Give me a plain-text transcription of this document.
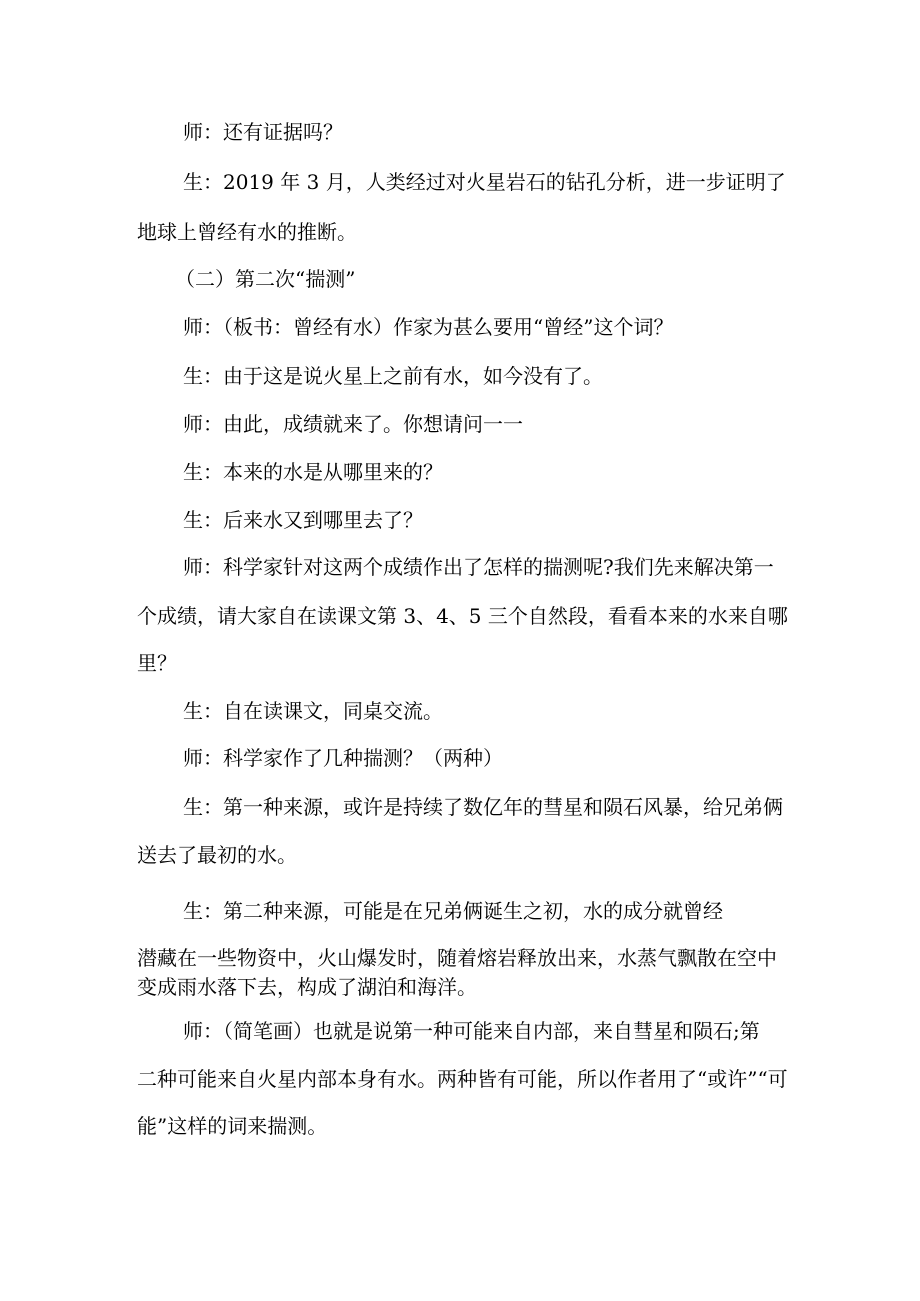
师：还有证据吗？

生：2019 年 3 月，人类经过对火星岩石的钻孔分析，进一步证明了

地球上曾经有水的推断。

（二）第二次“揣测”

师：（板书：曾经有水）作家为甚么要用“曾经”这个词？

生：由于这是说火星上之前有水，如今没有了。

师：由此，成绩就来了。你想请问一一

生：本来的水是从哪里来的？

生：后来水又到哪里去了？

师：科学家针对这两个成绩作出了怎样的揣测呢?我们先来解决第一

个成绩，请大家自在读课文第 3、4、5 三个自然段，看看本来的水来自哪

里？

生：自在读课文，同桌交流。

师：科学家作了几种揣测？（两种）

生：第一种来源，或许是持续了数亿年的彗星和陨石风暴，给兄弟俩

送去了最初的水。

生：第二种来源，可能是在兄弟俩诞生之初，水的成分就曾经

潜藏在一些物资中，火山爆发时，随着熔岩释放出来，水蒸气飘散在空中

变成雨水落下去，构成了湖泊和海洋。

师：（简笔画）也就是说第一种可能来自内部，来自彗星和陨石;第

二种可能来自火星内部本身有水。两种皆有可能，所以作者用了“或许”“可

能”这样的词来揣测。
